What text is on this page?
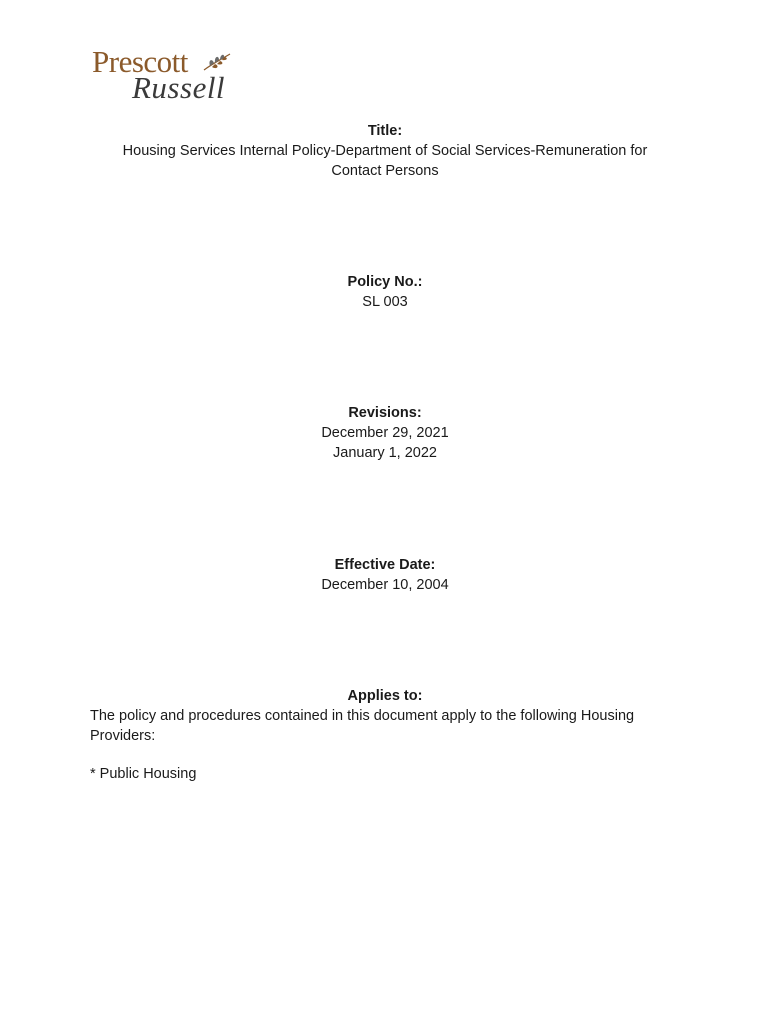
Prescott
Russell
Title:
Housing Services Internal Policy-Department of Social Services-Remuneration for Contact Persons
Policy No.:
SL 003
Revisions:
December 29, 2021
January 1, 2022
Effective Date:
December 10, 2004
Applies to:
The policy and procedures contained in this document apply to the following Housing Providers:
* Public Housing
